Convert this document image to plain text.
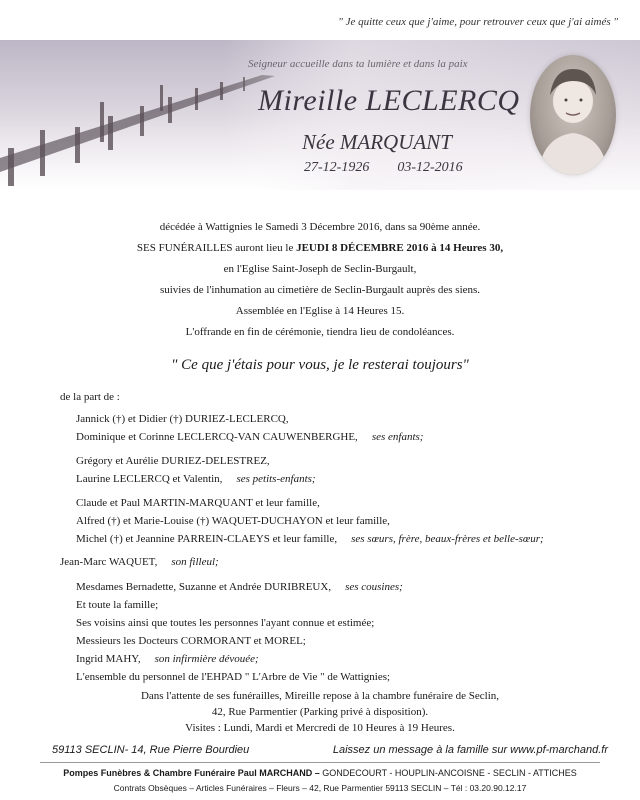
" Je quitte ceux que j'aime, pour retrouver ceux que j'ai aimés "
Seigneur accueille dans ta lumière et dans la paix
Mireille LECLERCQ
Née MARQUANT
27-12-1926 03-12-2016
décédée à Wattignies le Samedi 3 Décembre 2016, dans sa 90ème année.
SES FUNÉRAILLES auront lieu le JEUDI 8 DÉCEMBRE 2016 à 14 Heures 30,
en l'Eglise Saint-Joseph de Seclin-Burgault,
suivies de l'inhumation au cimetière de Seclin-Burgault auprès des siens.
Assemblée en l'Eglise à 14 Heures 15.
L'offrande en fin de cérémonie, tiendra lieu de condoléances.
" Ce que j'étais pour vous, je le resterai toujours"
de la part de :
Jannick (†) et Didier (†) DURIEZ-LECLERCQ,
Dominique et Corinne LECLERCQ-VAN CAUWENBERGHE, ses enfants;
Grégory et Aurélie DURIEZ-DELESTREZ,
Laurine LECLERCQ et Valentin, ses petits-enfants;
Claude et Paul MARTIN-MARQUANT et leur famille,
Alfred (†) et Marie-Louise (†) WAQUET-DUCHAYON et leur famille,
Michel (†) et Jeannine PARREIN-CLAEYS et leur famille, ses sœurs, frère, beaux-frères et belle-sœur;
Jean-Marc WAQUET, son filleul;
Mesdames Bernadette, Suzanne et Andrée DURIBREUX, ses cousines;
Et toute la famille;
Ses voisins ainsi que toutes les personnes l'ayant connue et estimée;
Messieurs les Docteurs CORMORANT et MOREL;
Ingrid MAHY, son infirmière dévouée;
L'ensemble du personnel de l'EHPAD " L'Arbre de Vie " de Wattignies;
Dans l'attente de ses funérailles, Mireille repose à la chambre funéraire de Seclin,
42, Rue Parmentier (Parking privé à disposition).
Visites : Lundi, Mardi et Mercredi de 10 Heures à 19 Heures.
59113 SECLIN- 14, Rue Pierre Bourdieu	Laissez un message à la famille sur www.pf-marchand.fr
Pompes Funèbres & Chambre Funéraire Paul MARCHAND – GONDECOURT - HOUPLIN-ANCOISNE - SECLIN - ATTICHES
Contrats Obsèques – Articles Funéraires – Fleurs – 42, Rue Parmentier 59113 SECLIN – Tél : 03.20.90.12.17
